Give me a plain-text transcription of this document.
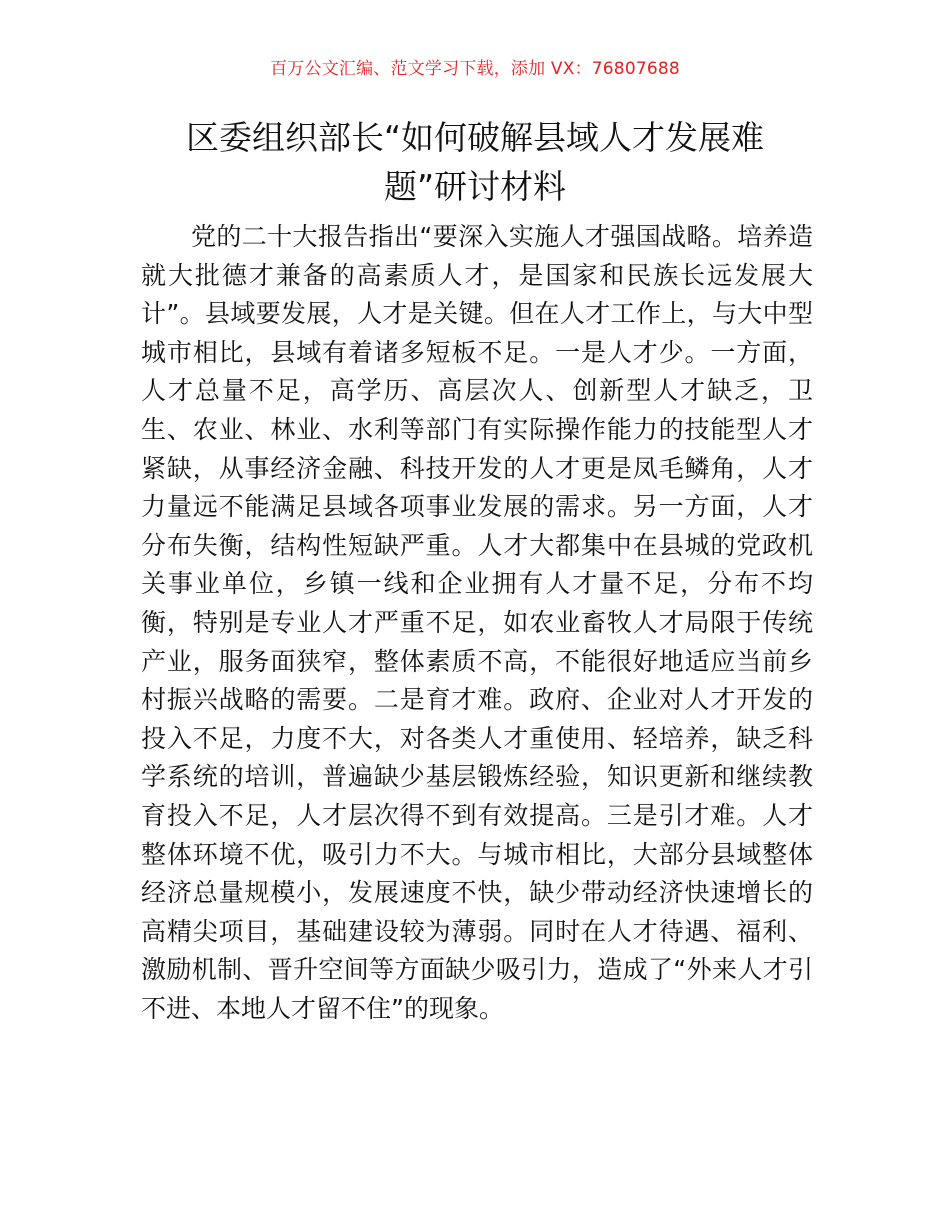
百万公文汇编、范文学习下载，添加 VX：76807688
区委组织部长“如何破解县域人才发展难题”研讨材料

党的二十大报告指出“要深入实施人才强国战略。培养造就大批德才兼备的高素质人才，是国家和民族长远发展大计”。县域要发展，人才是关键。但在人才工作上，与大中型城市相比，县域有着诸多短板不足。一是人才少。一方面，人才总量不足，高学历、高层次人、创新型人才缺乏，卫生、农业、林业、水利等部门有实际操作能力的技能型人才紧缺，从事经济金融、科技开发的人才更是凤毛鳞角，人才力量远不能满足县域各项事业发展的需求。另一方面，人才分布失衡，结构性短缺严重。人才大都集中在县城的党政机关事业单位，乡镇一线和企业拥有人才量不足，分布不均衡，特别是专业人才严重不足，如农业畜牧人才局限于传统产业，服务面狭窄，整体素质不高，不能很好地适应当前乡村振兴战略的需要。二是育才难。政府、企业对人才开发的投入不足，力度不大，对各类人才重使用、轻培养，缺乏科学系统的培训，普遍缺少基层锻炼经验，知识更新和继续教育投入不足，人才层次得不到有效提高。三是引才难。人才整体环境不优，吸引力不大。与城市相比，大部分县域整体经济总量规模小，发展速度不快，缺少带动经济快速增长的高精尖项目，基础建设较为薄弱。同时在人才待遇、福利、激励机制、晋升空间等方面缺少吸引力，造成了“外来人才引不进、本地人才留不住”的现象。
